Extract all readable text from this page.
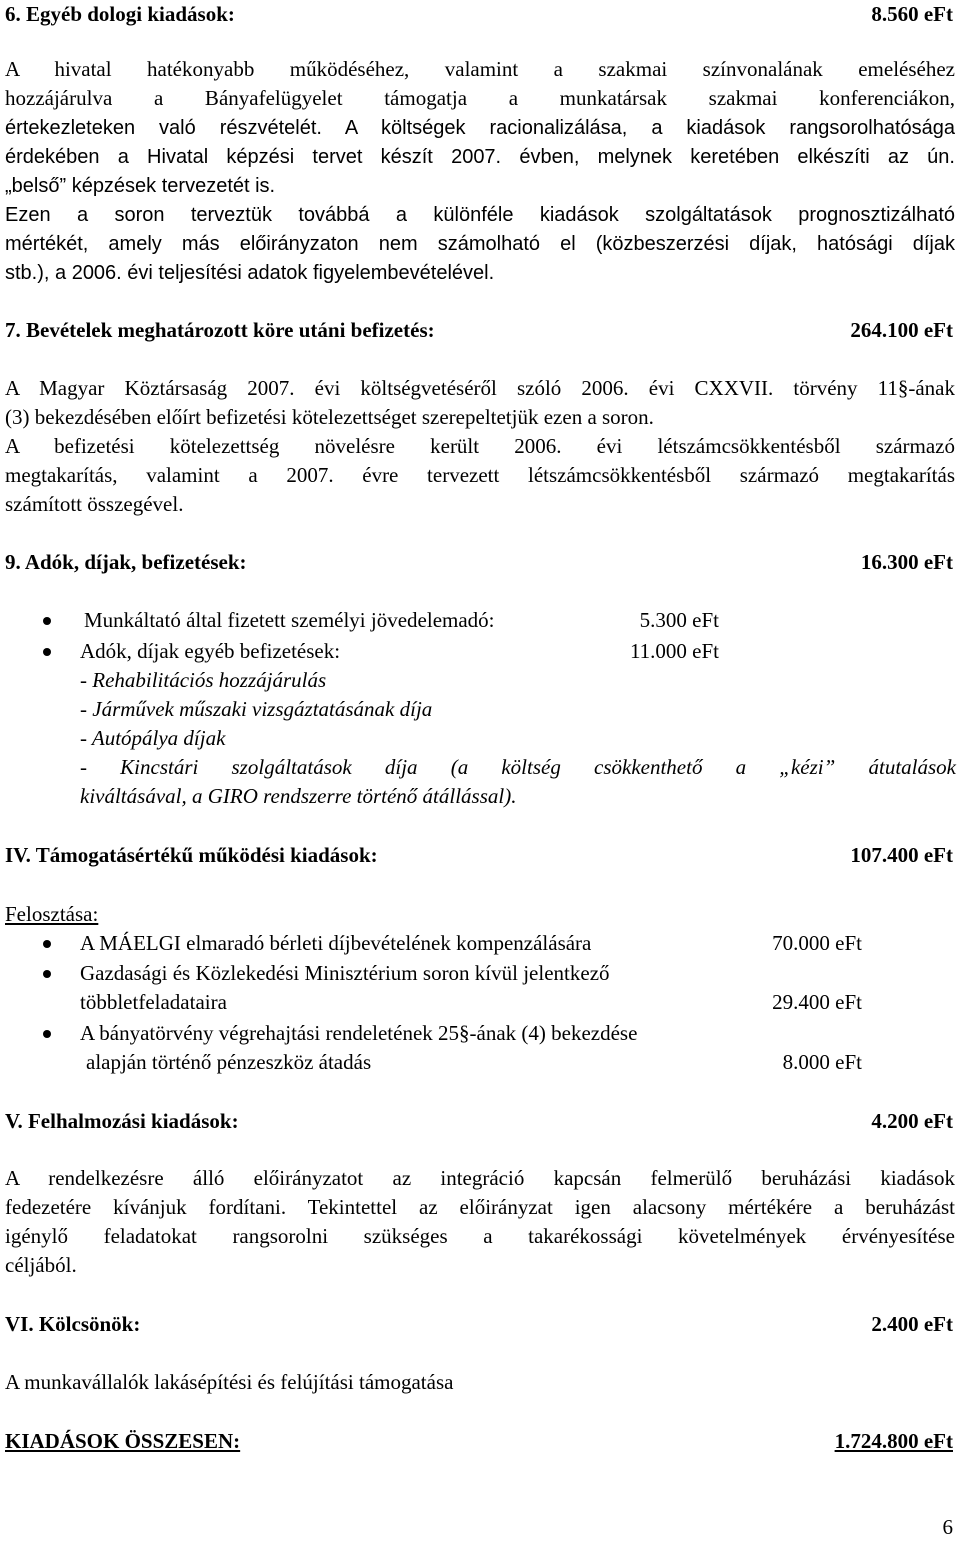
6. Egyéb dologi kiadások:	8.560 eFt
A hivatal hatékonyabb működéséhez, valamint a szakmai színvonalának emeléséhez
hozzájárulva a Bányafelügyelet támogatja a munkatársak szakmai konferenciákon,
értekezleteken való részvételét. A költségek racionalizálása, a kiadások rangsorolhatósága
érdekében a Hivatal képzési tervet készít 2007. évben, melynek keretében elkészíti az ún.
„belső” képzések tervezetét is.
Ezen a soron terveztük továbbá a különféle kiadások szolgáltatások prognosztizálható
mértékét, amely más előirányzaton nem számolható el (közbeszerzési díjak, hatósági díjak
stb.), a 2006. évi teljesítési adatok figyelembevételével.
7. Bevételek meghatározott köre utáni befizetés:	264.100 eFt
A Magyar Köztársaság 2007. évi költségvetéséről szóló 2006. évi CXXVII. törvény 11§-ának
(3) bekezdésében előírt befizetési kötelezettséget szerepeltetjük ezen a soron.
A befizetési kötelezettség növelésre került 2006. évi létszámcsökkentésből származó
megtakarítás, valamint a 2007. évre tervezett létszámcsökkentésből származó megtakarítás
számított összegével.
9. Adók, díjak, befizetések:	16.300 eFt
Munkáltató által fizetett személyi jövedelemadó:	5.300 eFt
Adók, díjak egyéb befizetések:	11.000 eFt
- Rehabilitációs hozzájárulás
- Járművek műszaki vizsgáztatásának díja
- Autópálya díjak
- Kincstári szolgáltatások díja (a költség csökkenthető a „kézi” átutalások
kiváltásával, a GIRO rendszerre történő átállással).
IV. Támogatásértékű működési kiadások:	107.400 eFt
Felosztása:
A MÁELGI elmaradó bérleti díjbevételének kompenzálására	70.000 eFt
Gazdasági és Közlekedési Minisztérium soron kívül jelentkező
többletfeladataira	29.400 eFt
A bányatörvény végrehajtási rendeletének 25§-ának (4) bekezdése
alapján történő pénzeszköz átadás	8.000 eFt
V. Felhalmozási kiadások:	4.200 eFt
A rendelkezésre álló előirányzatot az integráció kapcsán felmerülő beruházási kiadások
fedezetére kívánjuk fordítani. Tekintettel az előirányzat igen alacsony mértékére a beruházást
igénylő feladatokat rangsorolni szükséges a takarékossági követelmények érvényesítése
céljából.
VI. Kölcsönök:	2.400 eFt
A munkavállalók lakásépítési és felújítási támogatása
KIADÁSOK ÖSSZESEN:	1.724.800 eFt
6
